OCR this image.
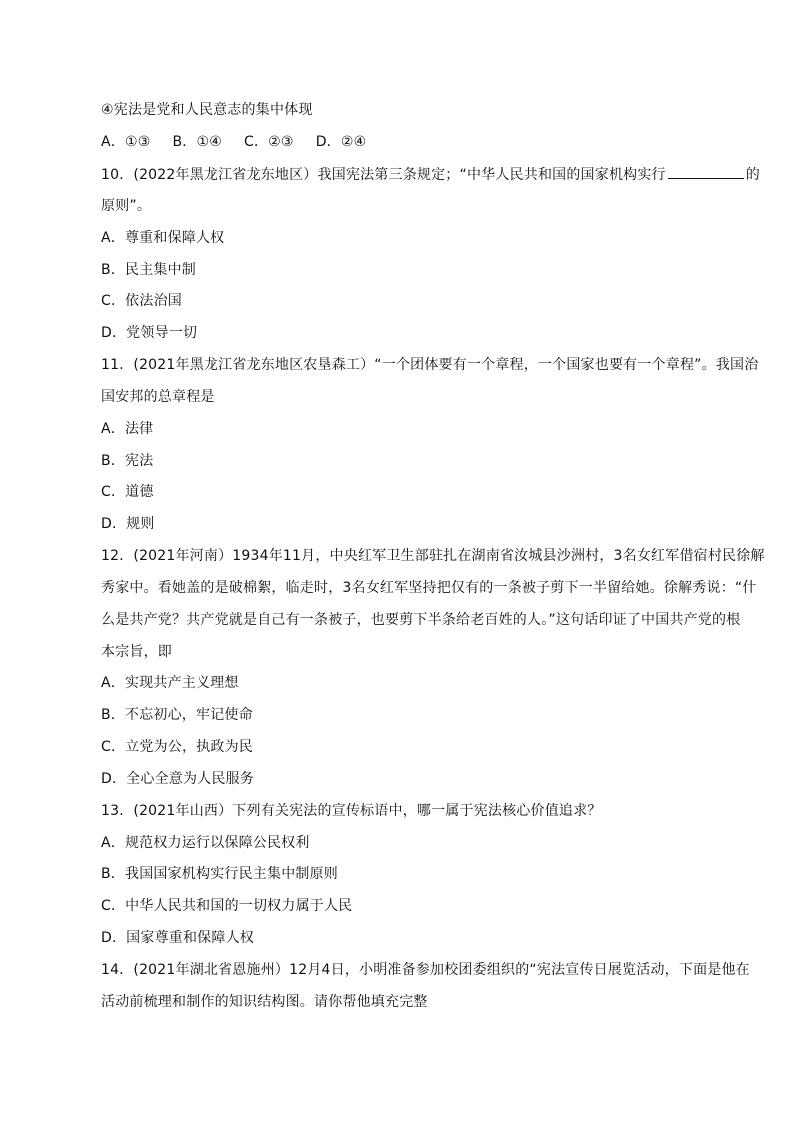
④宪法是党和人民意志的集中体现
A．①③ B．①④ C．②③ D．②④
10．(2022年黑龙江省龙东地区）我国宪法第三条规定；“中华人民共和国的国家机构实行	的
原则”。
A．尊重和保障人权
B．民主集中制
C．依法治国
D．党领导一切
11．(2021年黑龙江省龙东地区农垦森工）“一个团体要有一个章程，一个国家也要有一个章程”。我国治
国安邦的总章程是
A．法律
B．宪法
C．道德
D．规则
12．(2021年河南）1934年11月，中央红军卫生部驻扎在湖南省汝城县沙洲村，3名女红军借宿村民徐解
秀家中。看她盖的是破棉絮，临走时，3名女红军坚持把仅有的一条被子剪下一半留给她。徐解秀说：“什
么是共产党？共产党就是自己有一条被子，也要剪下半条给老百姓的人。”这句话印证了中国共产党的根
本宗旨，即
A．实现共产主义理想
B．不忘初心，牢记使命
C．立党为公，执政为民
D．全心全意为人民服务
13．(2021年山西）下列有关宪法的宣传标语中，哪一属于宪法核心价值追求？
A．规范权力运行以保障公民权利
B．我国国家机构实行民主集中制原则
C．中华人民共和国的一切权力属于人民
D．国家尊重和保障人权
14．(2021年湖北省恩施州）12月4日，小明准备参加校团委组织的“宪法宣传日展览活动，下面是他在
活动前梳理和制作的知识结构图。请你帮他填充完整
